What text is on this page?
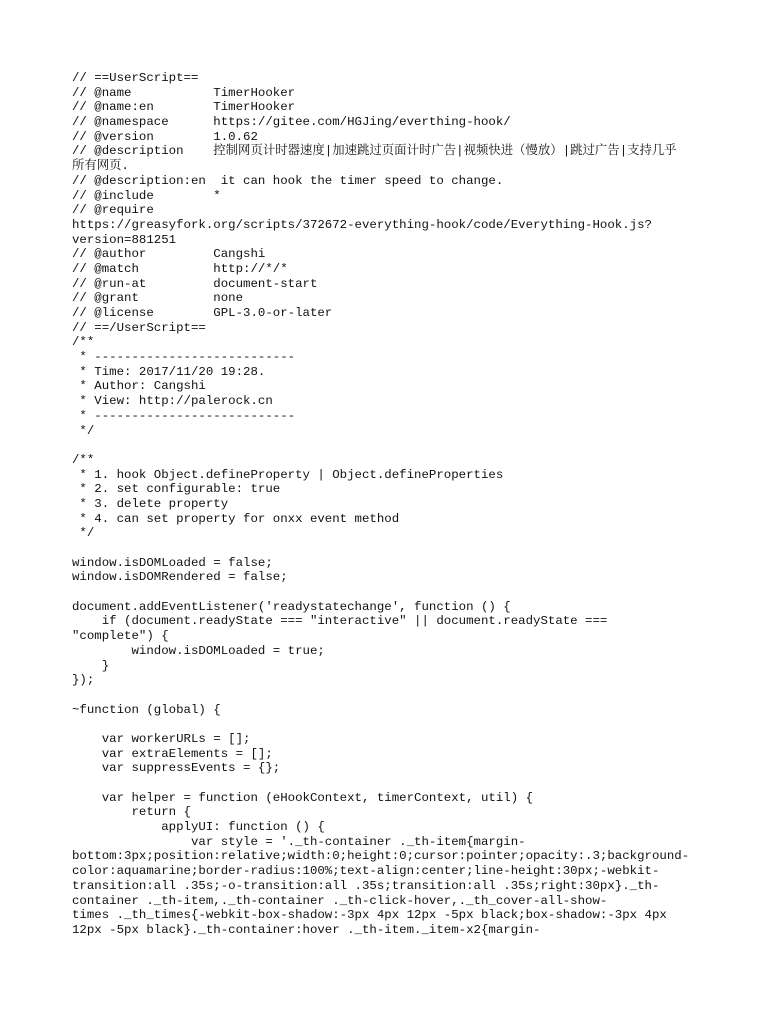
// ==UserScript==
// @name           TimerHooker
// @name:en        TimerHooker
// @namespace      https://gitee.com/HGJing/everthing-hook/
// @version        1.0.62
// @description    控制网页计时器速度|加速跳过页面计时广告|视频快进（慢放）|跳过广告|支持几乎
所有网页.
// @description:en  it can hook the timer speed to change.
// @include        *
// @require
https://greasyfork.org/scripts/372672-everything-hook/code/Everything-Hook.js?
version=881251
// @author         Cangshi
// @match          http://*/*
// @run-at         document-start
// @grant          none
// @license        GPL-3.0-or-later
// ==/UserScript==
/**
* ---------------------------
* Time: 2017/11/20 19:28.
* Author: Cangshi
* View: http://palerock.cn
* ---------------------------
*/
/**
* 1. hook Object.defineProperty | Object.defineProperties
* 2. set configurable: true
* 3. delete property
* 4. can set property for onxx event method
*/
window.isDOMLoaded = false;
window.isDOMRendered = false;
document.addEventListener('readystatechange', function () {
if (document.readyState === "interactive" || document.readyState ===
"complete") {
window.isDOMLoaded = true;
}
});
~function (global) {
var workerURLs = [];
var extraElements = [];
var suppressEvents = {};
var helper = function (eHookContext, timerContext, util) {
return {
applyUI: function () {
var style = '._th-container ._th-item{margin-
bottom:3px;position:relative;width:0;height:0;cursor:pointer;opacity:.3;background-
color:aquamarine;border-radius:100%;text-align:center;line-height:30px;-webkit-
transition:all .35s;-o-transition:all .35s;transition:all .35s;right:30px}._th-
container ._th-item,._th-container ._th-click-hover,._th_cover-all-show-
times ._th_times{-webkit-box-shadow:-3px 4px 12px -5px black;box-shadow:-3px 4px
12px -5px black}._th-container:hover ._th-item._item-x2{margin-
